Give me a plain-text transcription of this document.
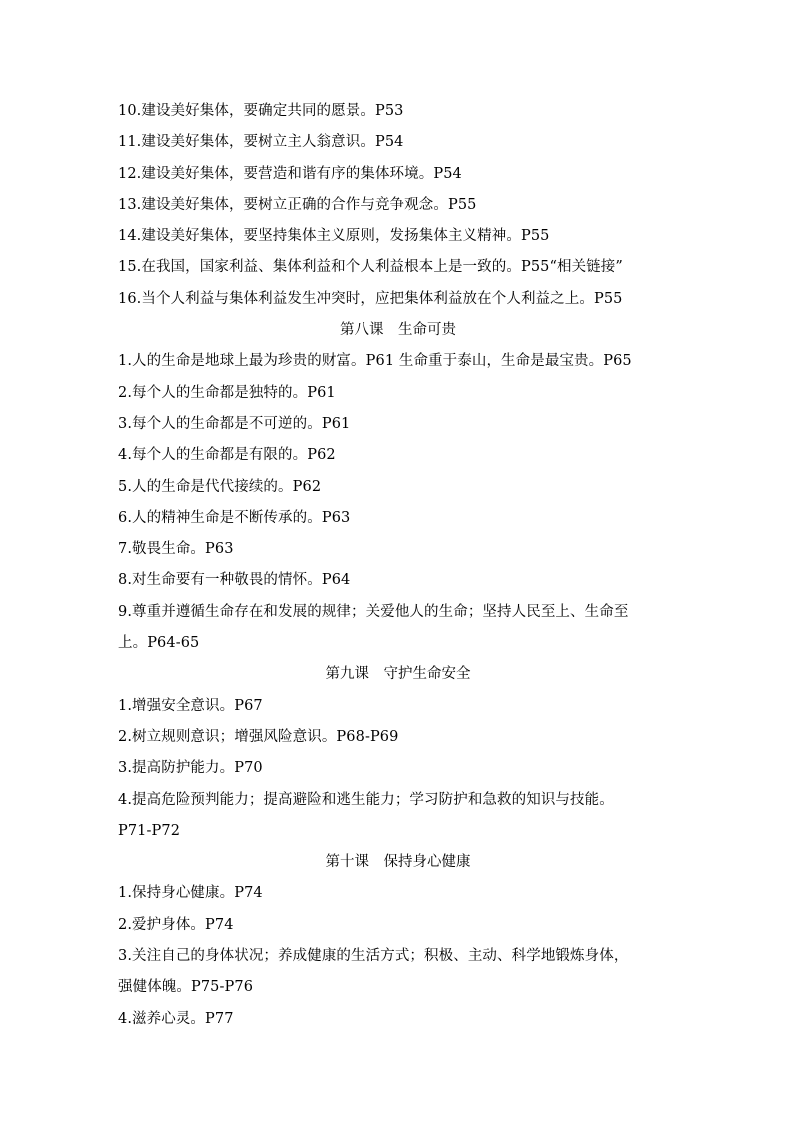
10.建设美好集体，要确定共同的愿景。P53
11.建设美好集体，要树立主人翁意识。P54
12.建设美好集体，要营造和谐有序的集体环境。P54
13.建设美好集体，要树立正确的合作与竞争观念。P55
14.建设美好集体，要坚持集体主义原则，发扬集体主义精神。P55
15.在我国，国家利益、集体利益和个人利益根本上是一致的。P55“相关链接”
16.当个人利益与集体利益发生冲突时，应把集体利益放在个人利益之上。P55
第八课　生命可贵
1.人的生命是地球上最为珍贵的财富。P61 生命重于泰山，生命是最宝贵。P65
2.每个人的生命都是独特的。P61
3.每个人的生命都是不可逆的。P61
4.每个人的生命都是有限的。P62
5.人的生命是代代接续的。P62
6.人的精神生命是不断传承的。P63
7.敬畏生命。P63
8.对生命要有一种敬畏的情怀。P64
9.尊重并遵循生命存在和发展的规律；关爱他人的生命；坚持人民至上、生命至
上。P64-65
第九课　守护生命安全
1.增强安全意识。P67
2.树立规则意识；增强风险意识。P68-P69
3.提高防护能力。P70
4.提高危险预判能力；提高避险和逃生能力；学习防护和急救的知识与技能。
P71-P72
第十课　保持身心健康
1.保持身心健康。P74
2.爱护身体。P74
3.关注自己的身体状况；养成健康的生活方式；积极、主动、科学地锻炼身体，
强健体魄。P75-P76
4.滋养心灵。P77
